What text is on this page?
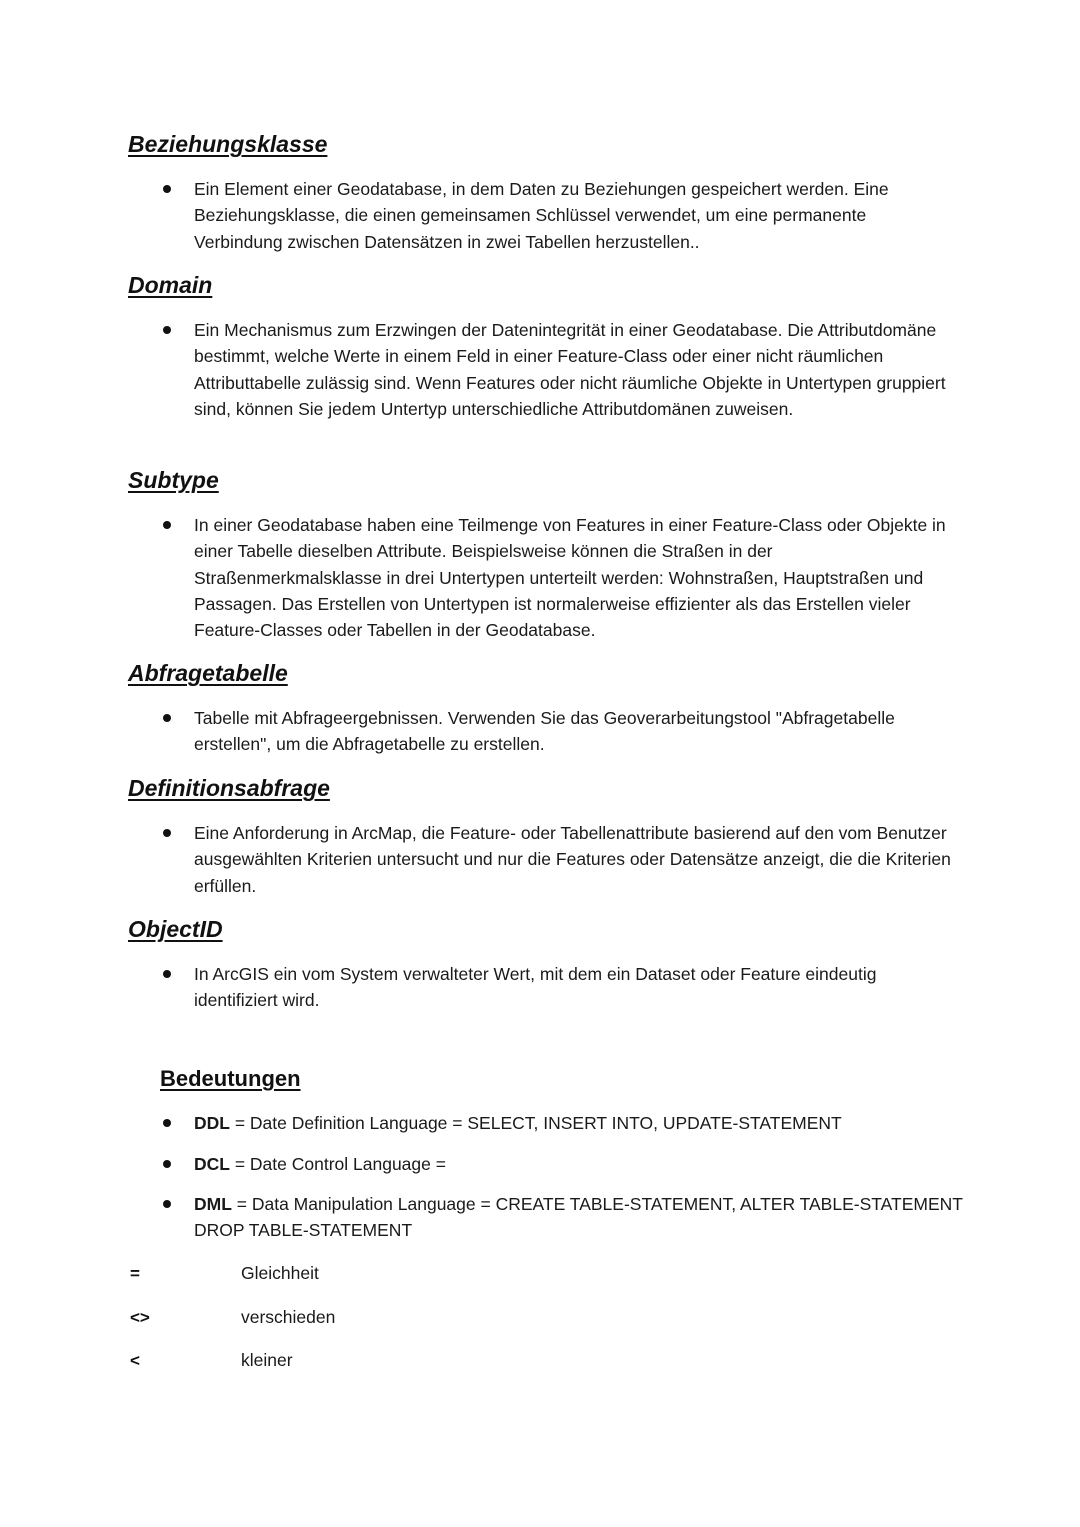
Beziehungsklasse

Ein Element einer Geodatabase, in dem Daten zu Beziehungen gespeichert werden. Eine Beziehungsklasse, die einen gemeinsamen Schlüssel verwendet, um eine permanente Verbindung zwischen Datensätzen in zwei Tabellen herzustellen..

Domain

Ein Mechanismus zum Erzwingen der Datenintegrität in einer Geodatabase. Die Attributdomäne bestimmt, welche Werte in einem Feld in einer Feature-Class oder einer nicht räumlichen Attributtabelle zulässig sind. Wenn Features oder nicht räumliche Objekte in Untertypen gruppiert sind, können Sie jedem Untertyp unterschiedliche Attributdomänen zuweisen.

Subtype

In einer Geodatabase haben eine Teilmenge von Features in einer Feature-Class oder Objekte in einer Tabelle dieselben Attribute. Beispielsweise können die Straßen in der Straßenmerkmalsklasse in drei Untertypen unterteilt werden: Wohnstraßen, Hauptstraßen und Passagen. Das Erstellen von Untertypen ist normalerweise effizienter als das Erstellen vieler Feature-Classes oder Tabellen in der Geodatabase.

Abfragetabelle

Tabelle mit Abfrageergebnissen. Verwenden Sie das Geoverarbeitungstool "Abfragetabelle erstellen", um die Abfragetabelle zu erstellen.

Definitionsabfrage

Eine Anforderung in ArcMap, die Feature- oder Tabellenattribute basierend auf den vom Benutzer ausgewählten Kriterien untersucht und nur die Features oder Datensätze anzeigt, die die Kriterien erfüllen.

ObjectID

In ArcGIS ein vom System verwalteter Wert, mit dem ein Dataset oder Feature eindeutig identifiziert wird.

Bedeutungen

DDL = Date Definition Language = SELECT, INSERT INTO, UPDATE-STATEMENT

DCL = Date Control Language =

DML = Data Manipulation Language = CREATE TABLE-STATEMENT, ALTER TABLE-STATEMENT DROP TABLE-STATEMENT

=	Gleichheit
<>	verschieden
<	kleiner
